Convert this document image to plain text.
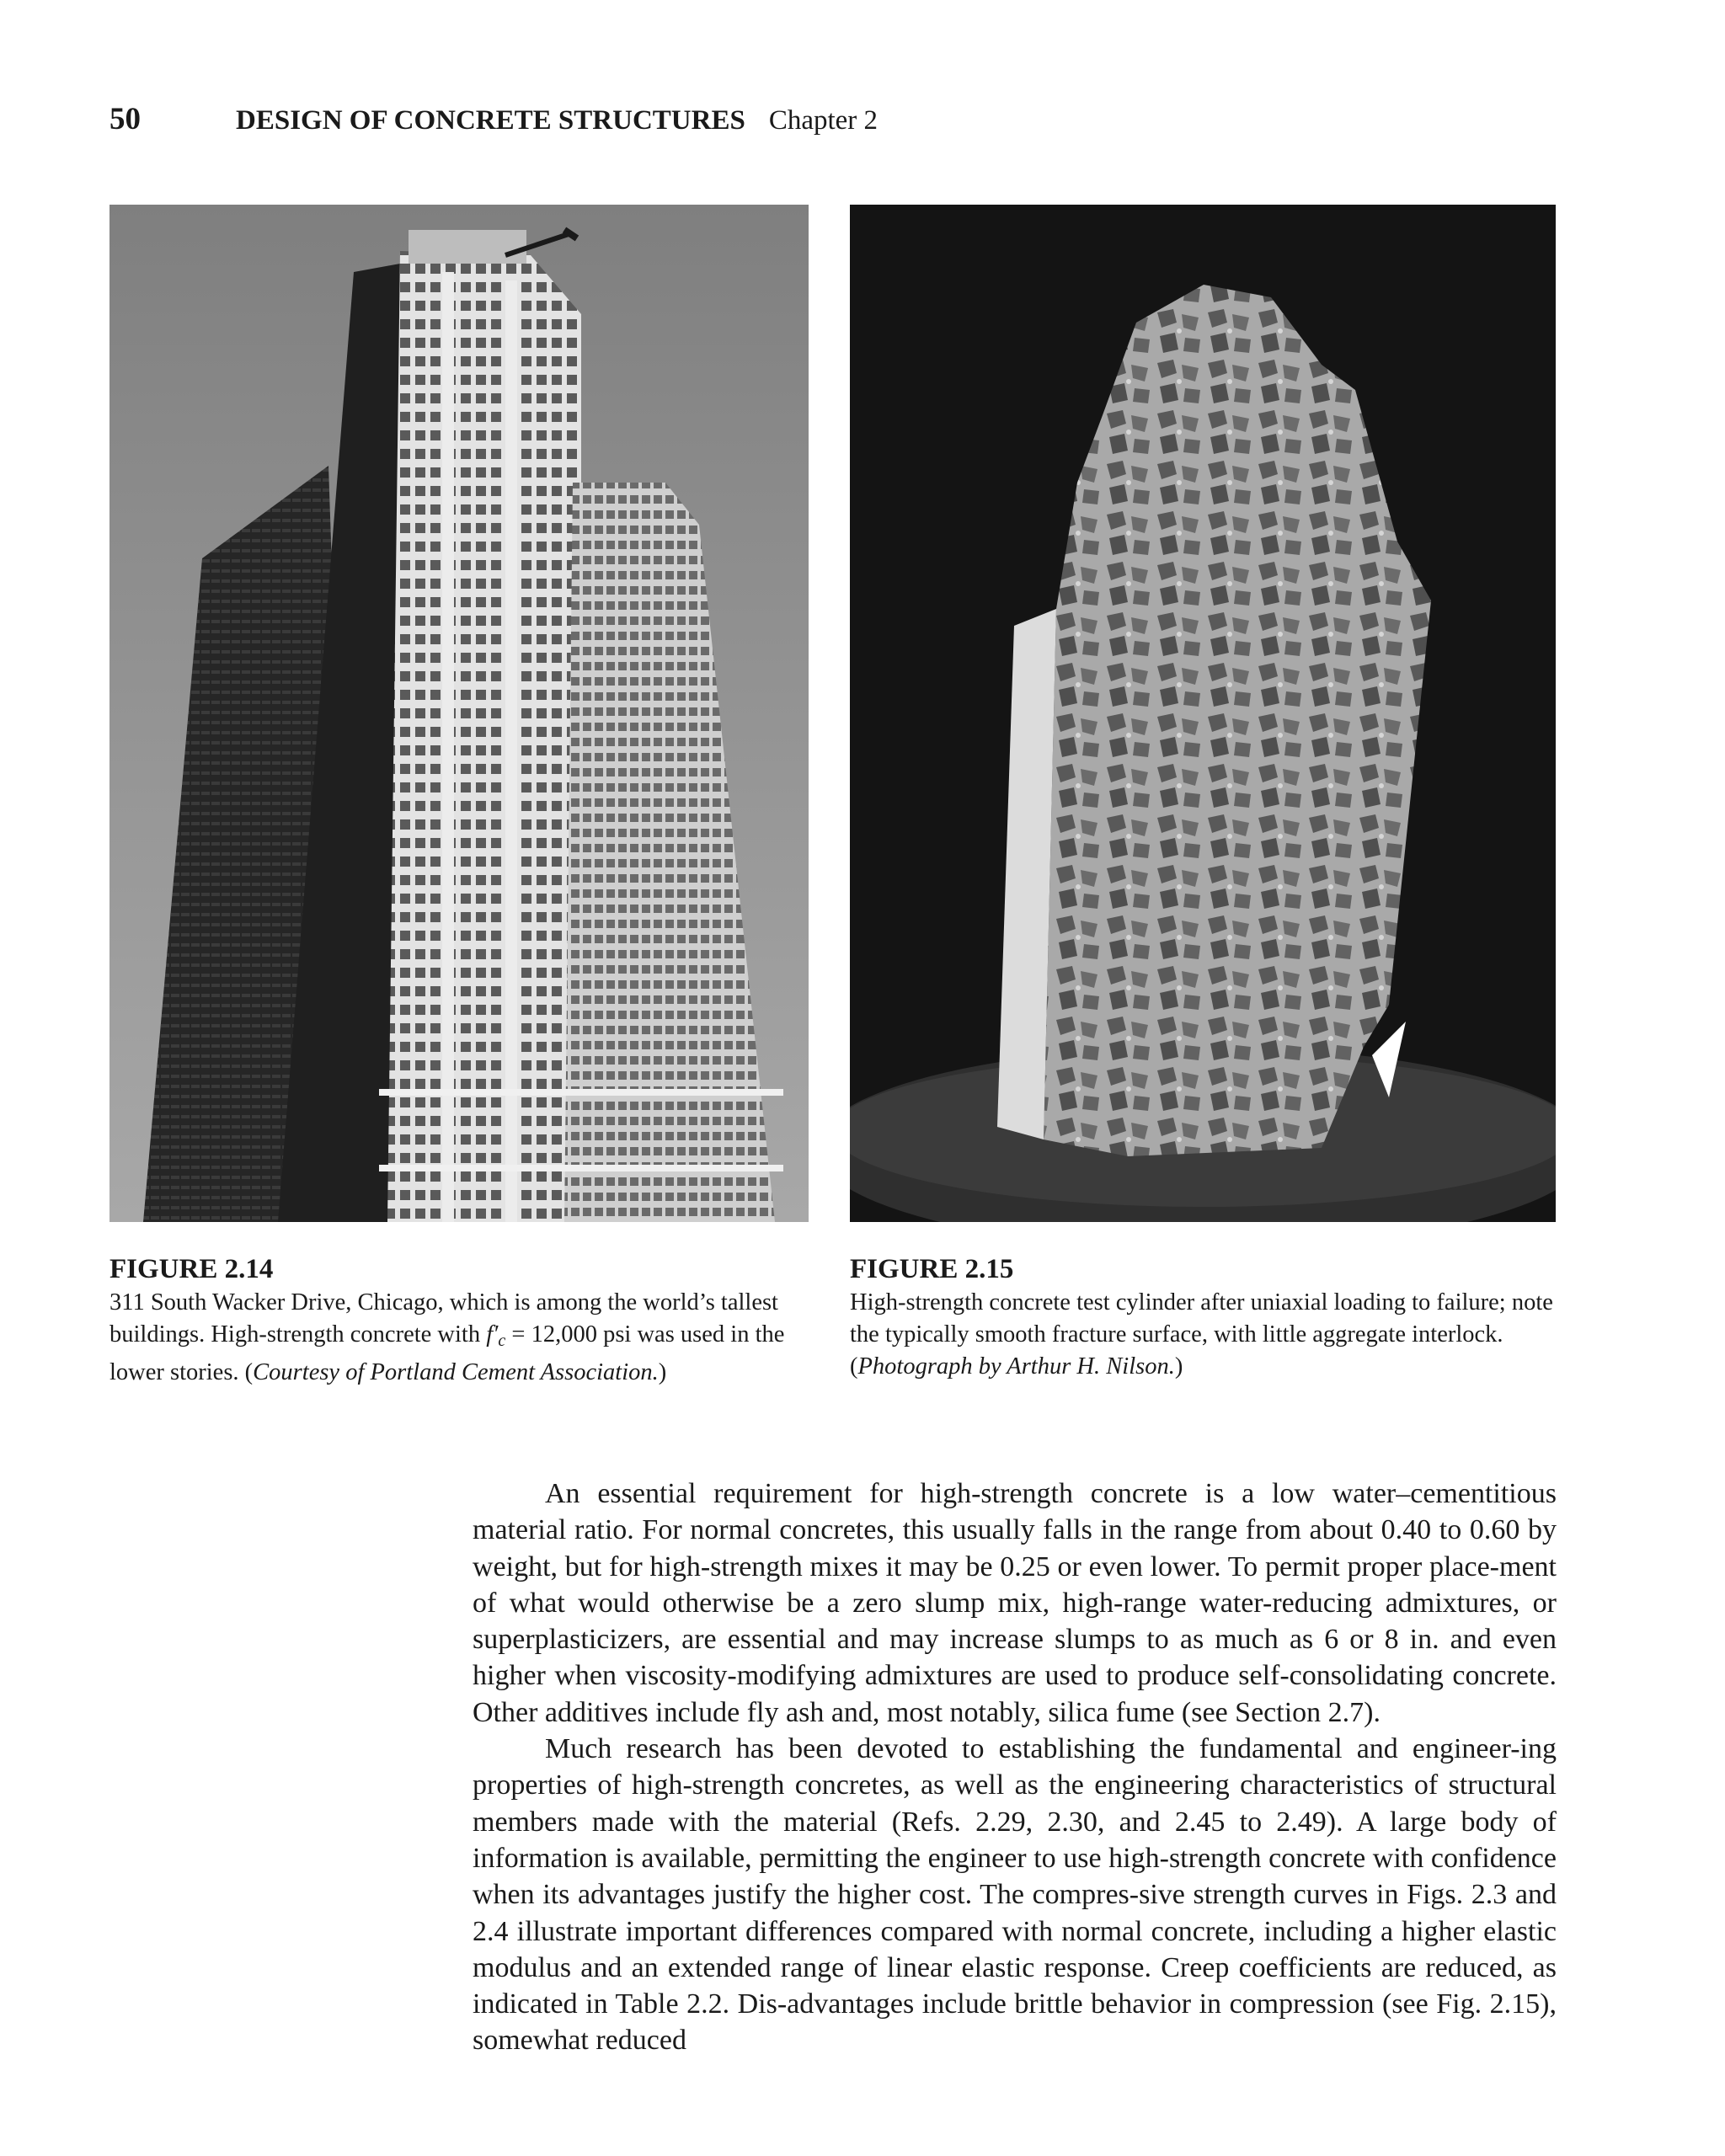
50	DESIGN OF CONCRETE STRUCTURES Chapter 2
FIGURE 2.14
311 South Wacker Drive, Chicago, which is among the world’s tallest buildings. High-strength concrete with $f'_c = 12,000$ psi was used in the lower stories. (Courtesy of Portland Cement Association.)
FIGURE 2.15
High-strength concrete test cylinder after uniaxial loading to failure; note the typically smooth fracture surface, with little aggregate interlock. (Photograph by Arthur H. Nilson.)

An essential requirement for high-strength concrete is a low water–cementitious material ratio. For normal concretes, this usually falls in the range from about 0.40 to 0.60 by weight, but for high-strength mixes it may be 0.25 or even lower. To permit proper place-ment of what would otherwise be a zero slump mix, high-range water-reducing admixtures, or superplasticizers, are essential and may increase slumps to as much as 6 or 8 in. and even higher when viscosity-modifying admixtures are used to produce self-consolidating concrete. Other additives include fly ash and, most notably, silica fume (see Section 2.7).

Much research has been devoted to establishing the fundamental and engineer-ing properties of high-strength concretes, as well as the engineering characteristics of structural members made with the material (Refs. 2.29, 2.30, and 2.45 to 2.49). A large body of information is available, permitting the engineer to use high-strength concrete with confidence when its advantages justify the higher cost. The compres-sive strength curves in Figs. 2.3 and 2.4 illustrate important differences compared with normal concrete, including a higher elastic modulus and an extended range of linear elastic response. Creep coefficients are reduced, as indicated in Table 2.2. Dis-advantages include brittle behavior in compression (see Fig. 2.15), somewhat reduced
